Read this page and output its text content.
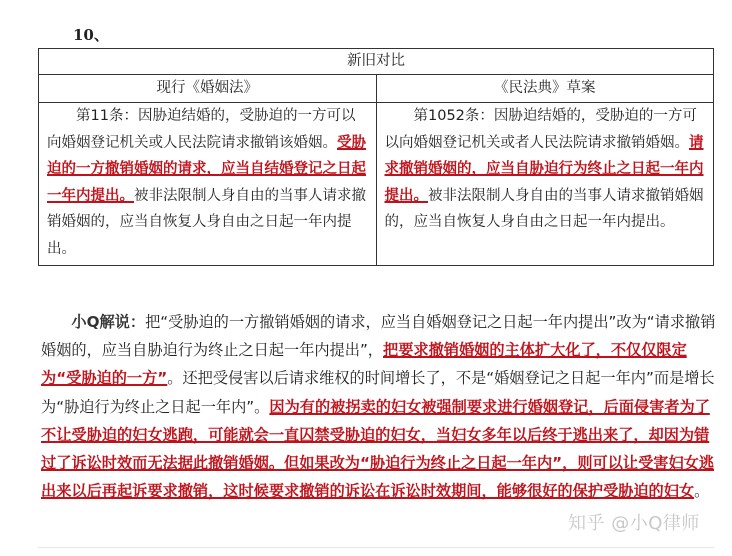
10、
新旧对比	
现行《婚姻法》	《民法典》草案
第11条：因胁迫结婚的，受胁迫的一方可以向婚姻登记机关或人民法院请求撤销该婚姻。受胁迫的一方撤销婚姻的请求，应当自结婚登记之日起一年内提出。被非法限制人身自由的当事人请求撤销婚姻的，应当自恢复人身自由之日起一年内提出。	第1052条：因胁迫结婚的，受胁迫的一方可以向婚姻登记机关或者人民法院请求撤销婚姻。请求撤销婚姻的，应当自胁迫行为终止之日起一年内提出。被非法限制人身自由的当事人请求撤销婚姻的，应当自恢复人身自由之日起一年内提出。
小Q解说：把“受胁迫的一方撤销婚姻的请求，应当自婚姻登记之日起一年内提出”改为“请求撤销婚姻的，应当自胁迫行为终止之日起一年内提出”，把要求撤销婚姻的主体扩大化了，不仅仅限定为“受胁迫的一方”。还把受侵害以后请求维权的时间增长了，不是“婚姻登记之日起一年内”而是增长为“胁迫行为终止之日起一年内”。因为有的被拐卖的妇女被强制要求进行婚姻登记，后面侵害者为了不让受胁迫的妇女逃跑，可能就会一直囚禁受胁迫的妇女，当妇女多年以后终于逃出来了，却因为错过了诉讼时效而无法据此撤销婚姻。但如果改为“胁迫行为终止之日起一年内”，则可以让受害妇女逃出来以后再起诉要求撤销，这时候要求撤销的诉讼在诉讼时效期间，能够很好的保护受胁迫的妇女。
知乎 @小Q律师
